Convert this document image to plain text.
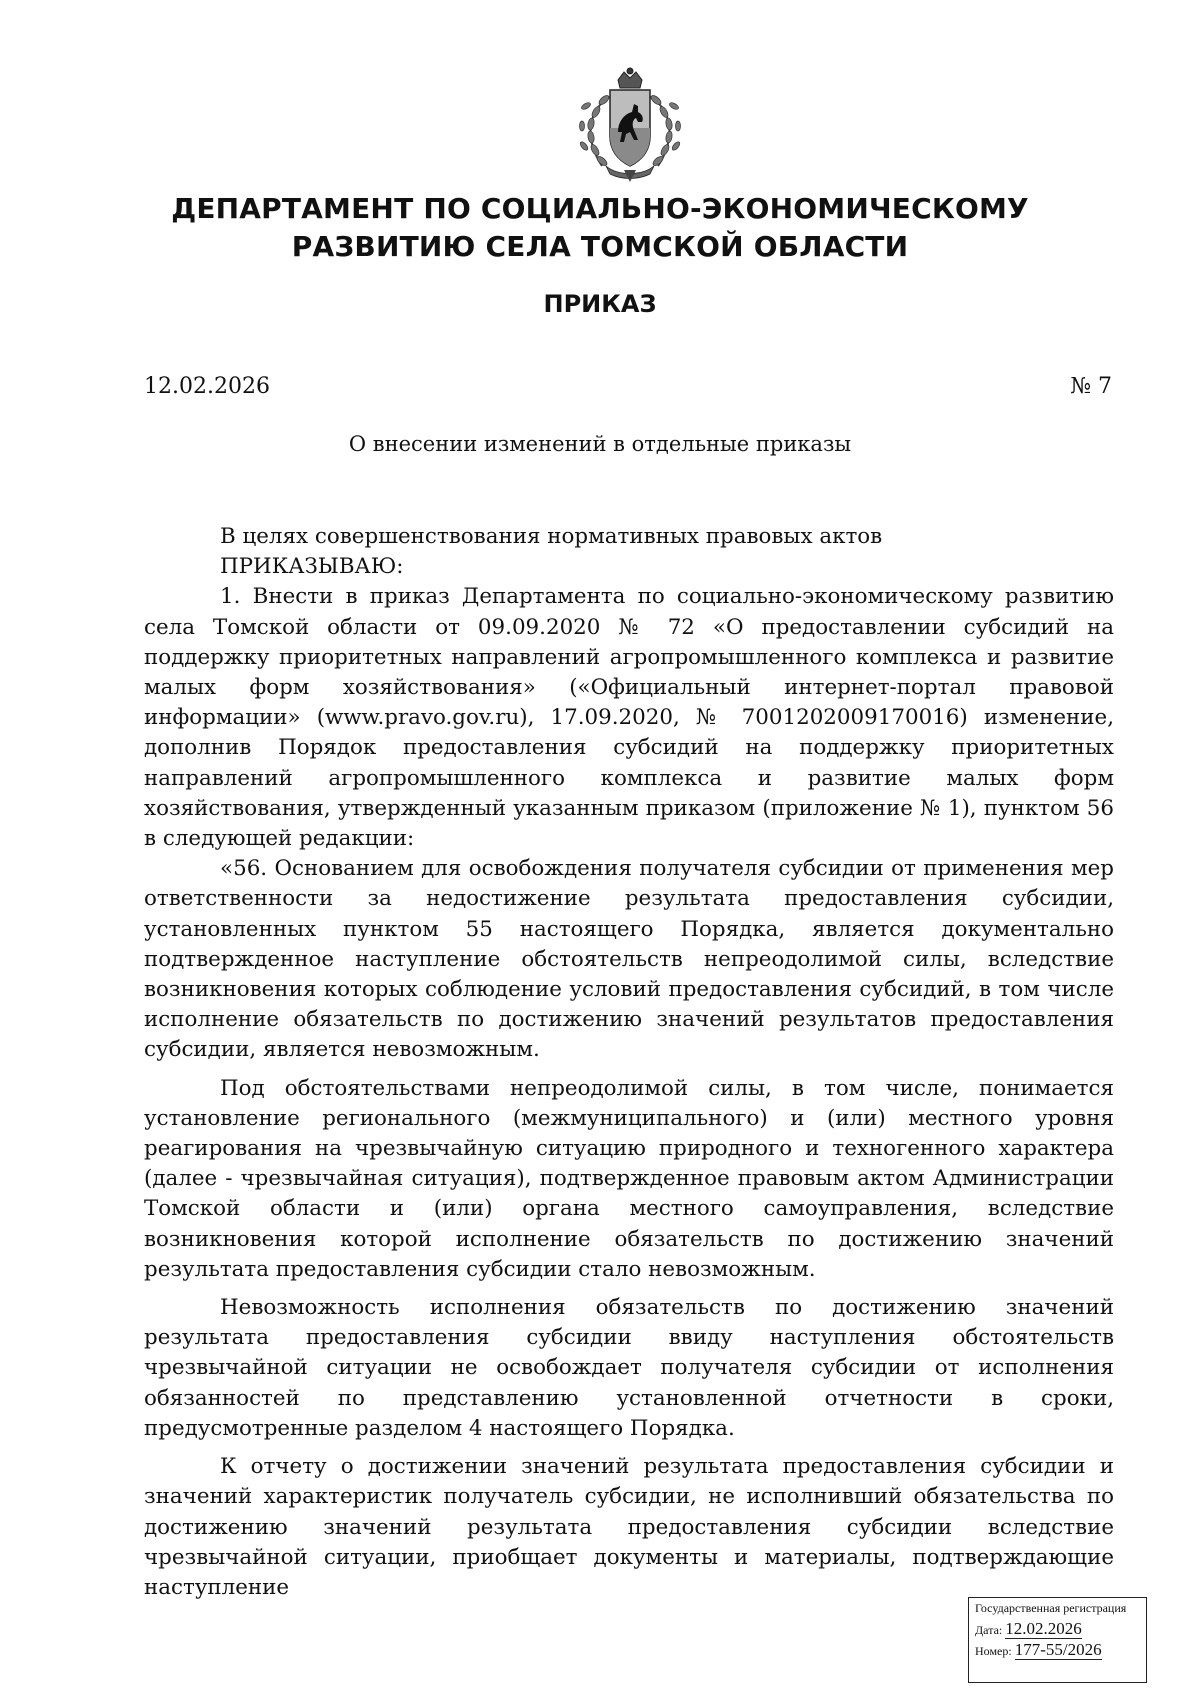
ДЕПАРТАМЕНТ ПО СОЦИАЛЬНО-ЭКОНОМИЧЕСКОМУ
РАЗВИТИЮ СЕЛА ТОМСКОЙ ОБЛАСТИ
ПРИКАЗ
12.02.2026	№ 7
О внесении изменений в отдельные приказы

В целях совершенствования нормативных правовых актов

ПРИКАЗЫВАЮ:

1. Внести в приказ Департамента по социально-экономическому развитию села Томской области от 09.09.2020 № 72 «О предоставлении субсидий на поддержку приоритетных направлений агропромышленного комплекса и развитие малых форм хозяйствования» («Официальный интернет-портал правовой информации» (www.pravo.gov.ru), 17.09.2020, № 7001202009170016) изменение, дополнив Порядок предоставления субсидий на поддержку приоритетных направлений агропромышленного комплекса и развитие малых форм хозяйствования, утвержденный указанным приказом (приложение № 1), пунктом 56 в следующей редакции:

«56. Основанием для освобождения получателя субсидии от применения мер ответственности за недостижение результата предоставления субсидии, установленных пунктом 55 настоящего Порядка, является документально подтвержденное наступление обстоятельств непреодолимой силы, вследствие возникновения которых соблюдение условий предоставления субсидий, в том числе исполнение обязательств по достижению значений результатов предоставления субсидии, является невозможным.

Под обстоятельствами непреодолимой силы, в том числе, понимается установление регионального (межмуниципального) и (или) местного уровня реагирования на чрезвычайную ситуацию природного и техногенного характера (далее - чрезвычайная ситуация), подтвержденное правовым актом Администрации Томской области и (или) органа местного самоуправления, вследствие возникновения которой исполнение обязательств по достижению значений результата предоставления субсидии стало невозможным.

Невозможность исполнения обязательств по достижению значений результата предоставления субсидии ввиду наступления обстоятельств чрезвычайной ситуации не освобождает получателя субсидии от исполнения обязанностей по представлению установленной отчетности в сроки, предусмотренные разделом 4 настоящего Порядка.

К отчету о достижении значений результата предоставления субсидии и значений характеристик получатель субсидии, не исполнивший обязательства по достижению значений результата предоставления субсидии вследствие чрезвычайной ситуации, приобщает документы и материалы, подтверждающие наступление

Государственная регистрация
Дата: 12.02.2026
Номер: 177-55/2026
